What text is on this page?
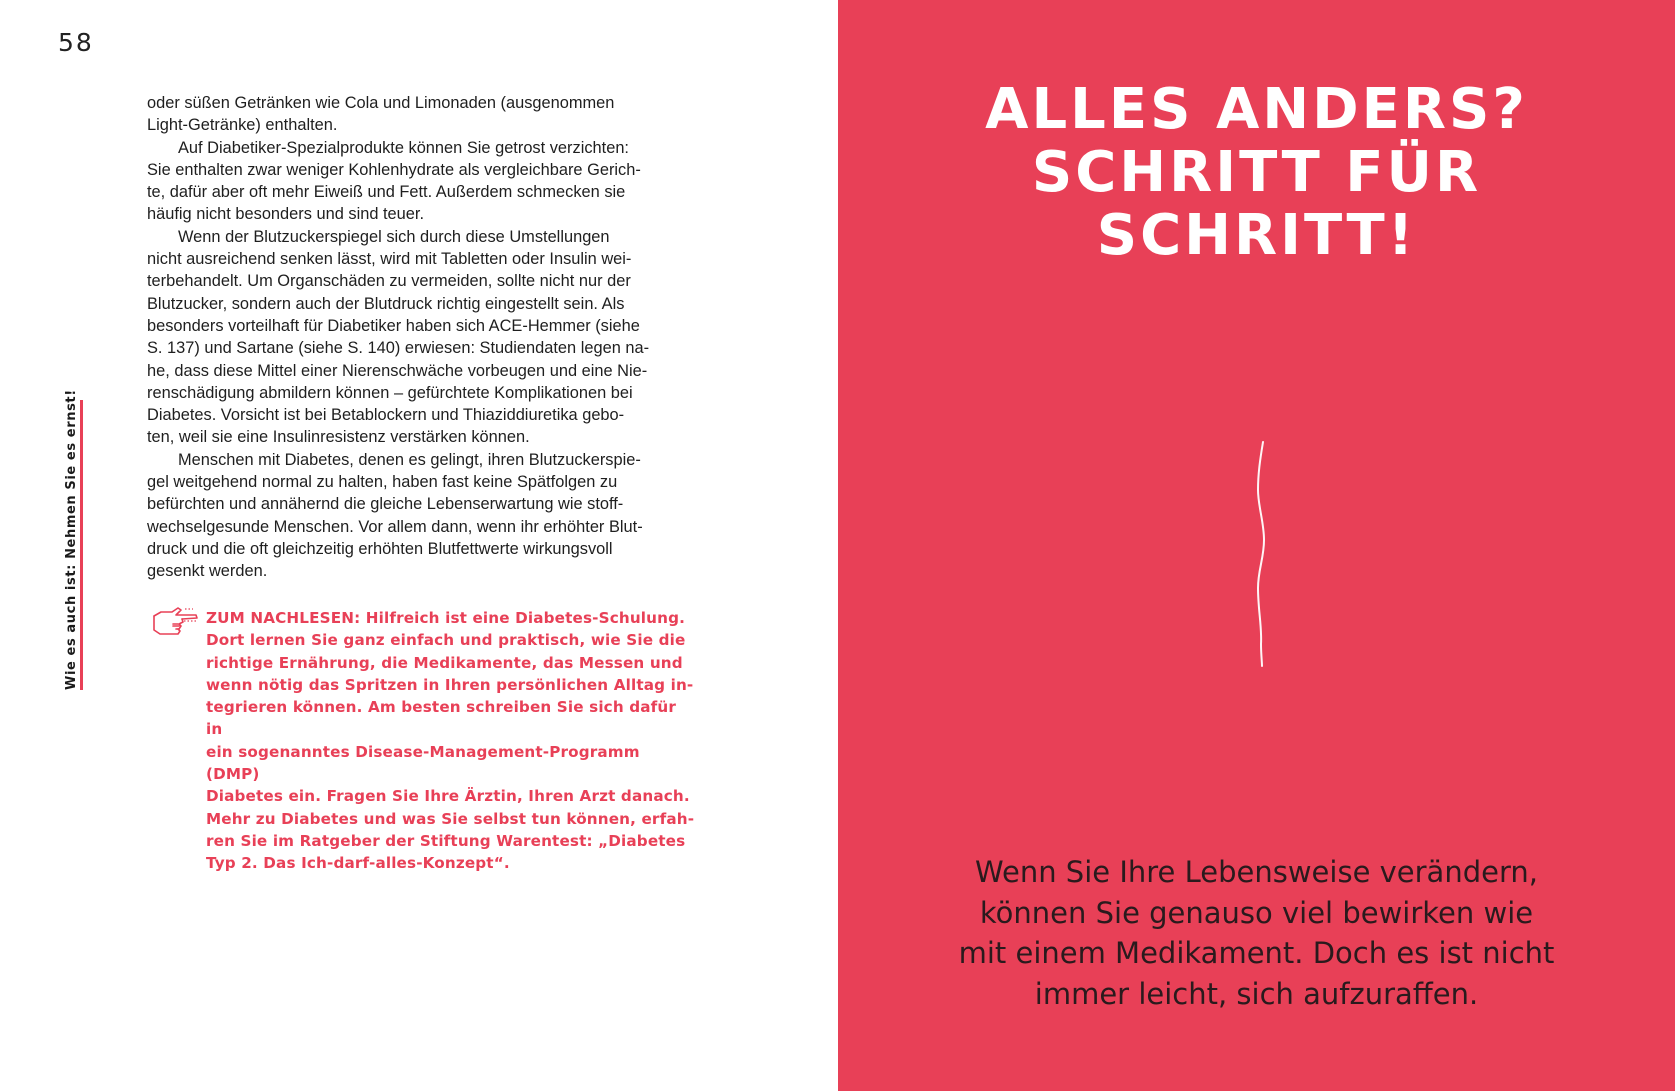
58
Wie es auch ist: Nehmen Sie es ernst!

oder süßen Getränken wie Cola und Limonaden (ausgenommen
Light-Getränke) enthalten.

Auf Diabetiker-Spezialprodukte können Sie getrost verzichten:
Sie enthalten zwar weniger Kohlenhydrate als vergleichbare Gerich-
te, dafür aber oft mehr Eiweiß und Fett. Außerdem schmecken sie
häufig nicht besonders und sind teuer.

Wenn der Blutzuckerspiegel sich durch diese Umstellungen
nicht ausreichend senken lässt, wird mit Tabletten oder Insulin wei-
terbehandelt. Um Organschäden zu vermeiden, sollte nicht nur der
Blutzucker, sondern auch der Blutdruck richtig eingestellt sein. Als
besonders vorteilhaft für Diabetiker haben sich ACE-Hemmer (siehe
S. 137) und Sartane (siehe S. 140) erwiesen: Studiendaten legen na-
he, dass diese Mittel einer Nierenschwäche vorbeugen und eine Nie-
renschädigung abmildern können – gefürchtete Komplikationen bei
Diabetes. Vorsicht ist bei Betablockern und Thiaziddiuretika gebo-
ten, weil sie eine Insulinresistenz verstärken können.

Menschen mit Diabetes, denen es gelingt, ihren Blutzuckerspie-
gel weitgehend normal zu halten, haben fast keine Spätfolgen zu
befürchten und annähernd die gleiche Lebenserwartung wie stoff-
wechselgesunde Menschen. Vor allem dann, wenn ihr erhöhter Blut-
druck und die oft gleichzeitig erhöhten Blutfettwerte wirkungsvoll
gesenkt werden.

ZUM NACHLESEN: Hilfreich ist eine Diabetes-Schulung.
Dort lernen Sie ganz einfach und praktisch, wie Sie die
richtige Ernährung, die Medikamente, das Messen und
wenn nötig das Spritzen in Ihren persönlichen Alltag in-
tegrieren können. Am besten schreiben Sie sich dafür in
ein sogenanntes Disease-Management-Programm (DMP)
Diabetes ein. Fragen Sie Ihre Ärztin, Ihren Arzt danach.
Mehr zu Diabetes und was Sie selbst tun können, erfah-
ren Sie im Ratgeber der Stiftung Warentest: „Diabetes
Typ 2. Das Ich-darf-alles-Konzept“.
ALLES ANDERS?
SCHRITT FÜR
SCHRITT!
Wenn Sie Ihre Lebensweise verändern,
können Sie genauso viel bewirken wie
mit einem Medikament. Doch es ist nicht
immer leicht, sich aufzuraffen.
